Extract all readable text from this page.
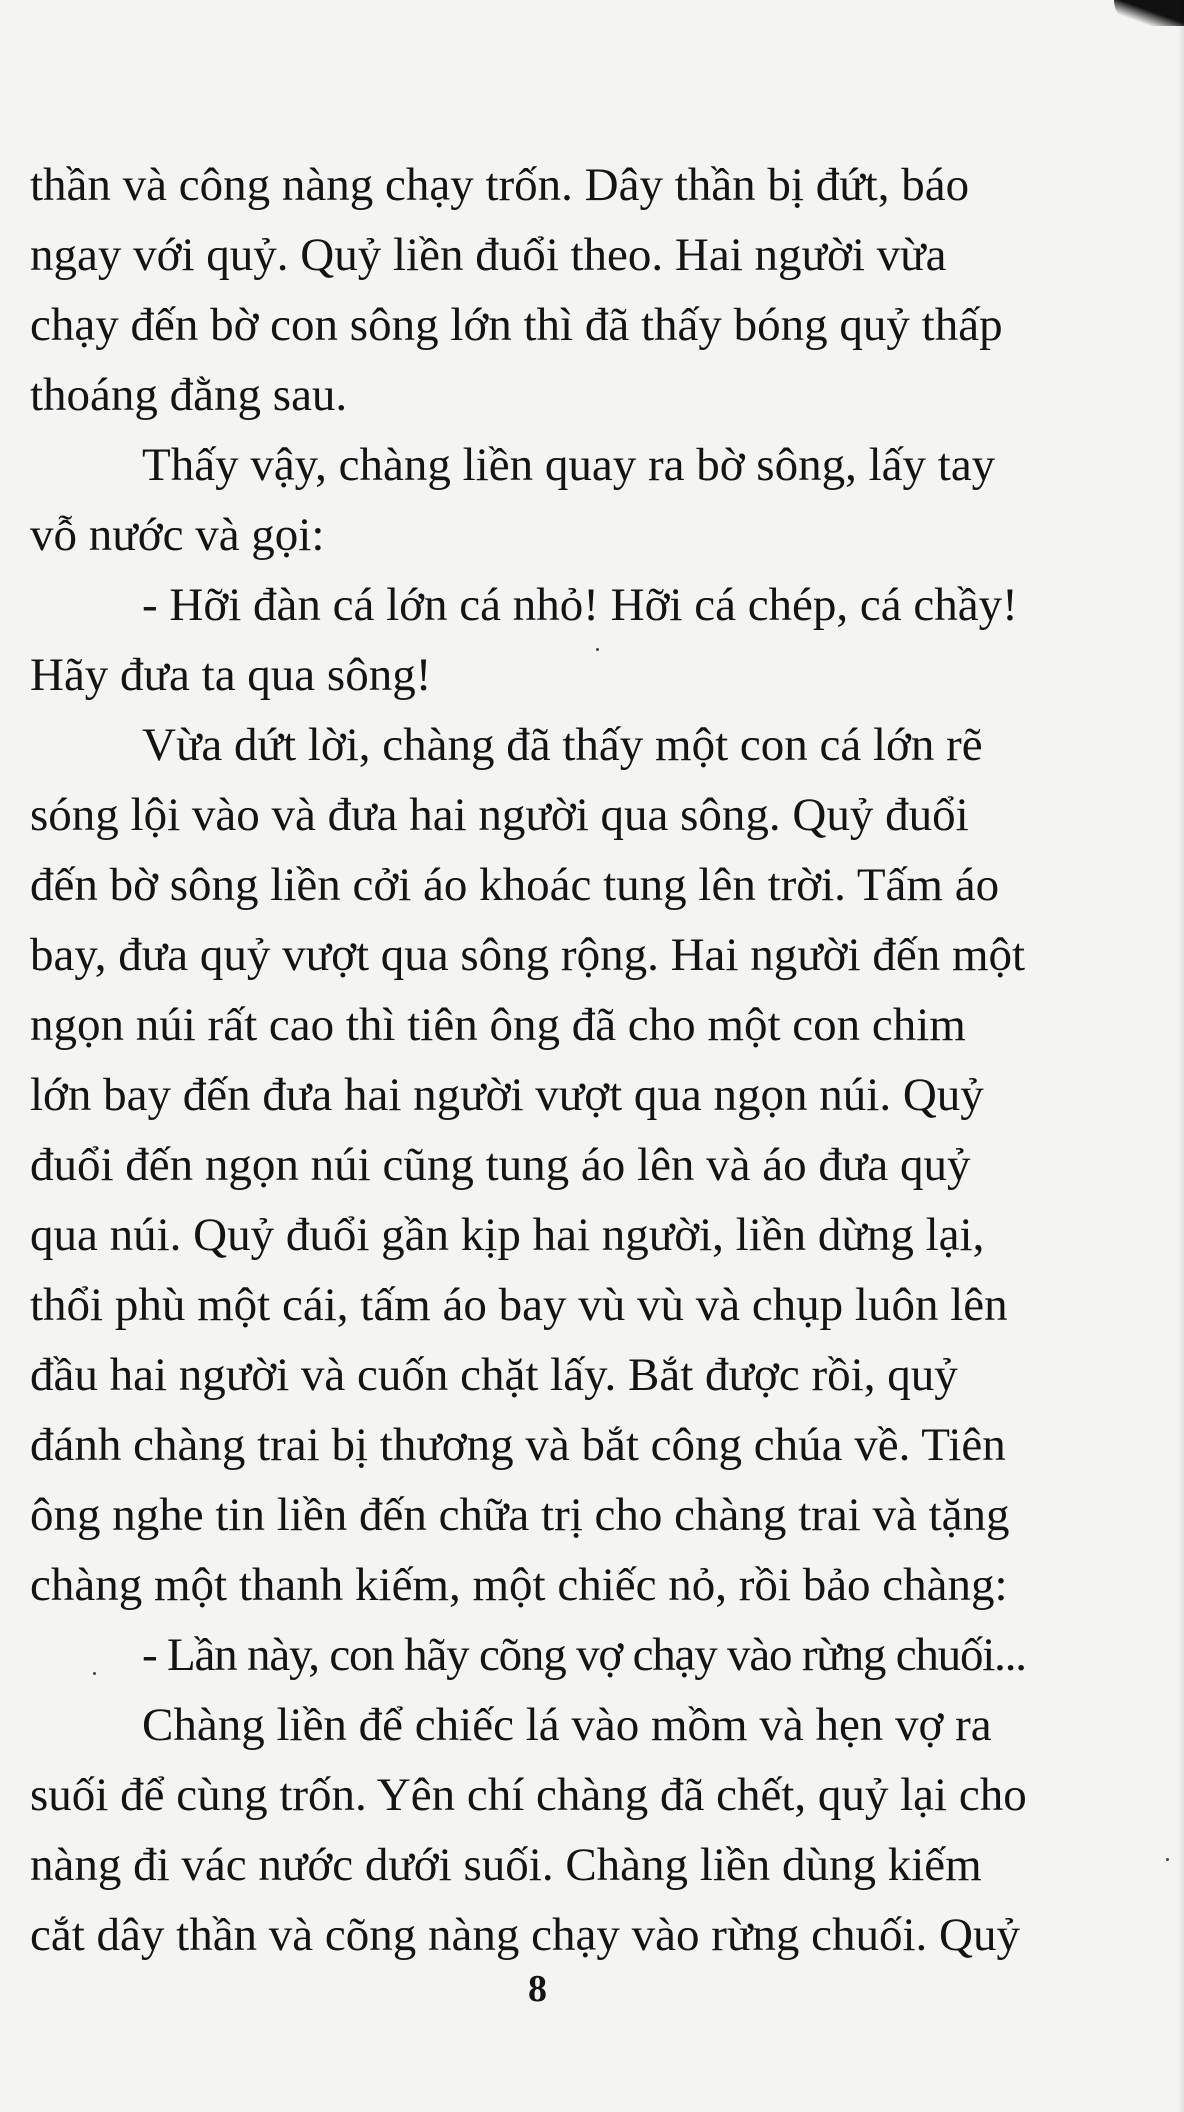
thần và công nàng chạy trốn. Dây thần bị đứt, báo
ngay với quỷ. Quỷ liền đuổi theo. Hai người vừa
chạy đến bờ con sông lớn thì đã thấy bóng quỷ thấp
thoáng đằng sau.
Thấy vậy, chàng liền quay ra bờ sông, lấy tay
vỗ nước và gọi:
- Hỡi đàn cá lớn cá nhỏ! Hỡi cá chép, cá chầy!
Hãy đưa ta qua sông!
Vừa dứt lời, chàng đã thấy một con cá lớn rẽ
sóng lội vào và đưa hai người qua sông. Quỷ đuổi
đến bờ sông liền cởi áo khoác tung lên trời. Tấm áo
bay, đưa quỷ vượt qua sông rộng. Hai người đến một
ngọn núi rất cao thì tiên ông đã cho một con chim
lớn bay đến đưa hai người vượt qua ngọn núi. Quỷ
đuổi đến ngọn núi cũng tung áo lên và áo đưa quỷ
qua núi. Quỷ đuổi gần kịp hai người, liền dừng lại,
thổi phù một cái, tấm áo bay vù vù và chụp luôn lên
đầu hai người và cuốn chặt lấy. Bắt được rồi, quỷ
đánh chàng trai bị thương và bắt công chúa về. Tiên
ông nghe tin liền đến chữa trị cho chàng trai và tặng
chàng một thanh kiếm, một chiếc nỏ, rồi bảo chàng:
- Lần này, con hãy cõng vợ chạy vào rừng chuối...
Chàng liền để chiếc lá vào mồm và hẹn vợ ra
suối để cùng trốn. Yên chí chàng đã chết, quỷ lại cho
nàng đi vác nước dưới suối. Chàng liền dùng kiếm
cắt dây thần và cõng nàng chạy vào rừng chuối. Quỷ
8
